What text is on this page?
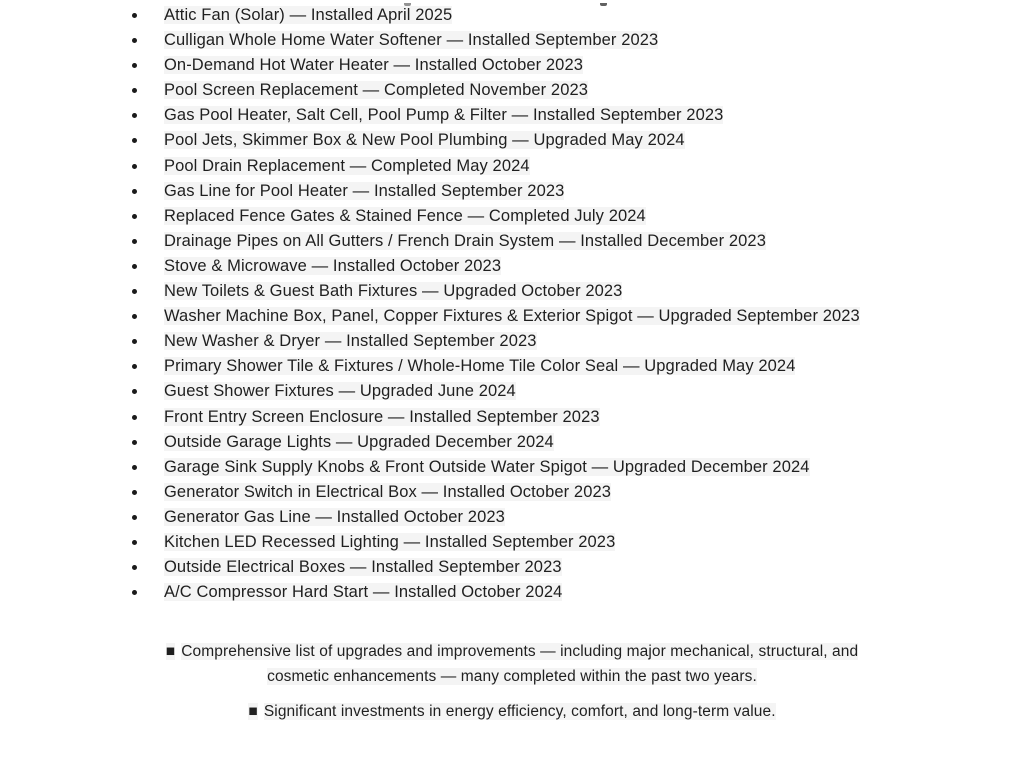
Attic Fan (Solar) — Installed April 2025
Culligan Whole Home Water Softener — Installed September 2023
On-Demand Hot Water Heater — Installed October 2023
Pool Screen Replacement — Completed November 2023
Gas Pool Heater, Salt Cell, Pool Pump & Filter — Installed September 2023
Pool Jets, Skimmer Box & New Pool Plumbing — Upgraded May 2024
Pool Drain Replacement — Completed May 2024
Gas Line for Pool Heater — Installed September 2023
Replaced Fence Gates & Stained Fence — Completed July 2024
Drainage Pipes on All Gutters / French Drain System — Installed December 2023
Stove & Microwave — Installed October 2023
New Toilets & Guest Bath Fixtures — Upgraded October 2023
Washer Machine Box, Panel, Copper Fixtures & Exterior Spigot — Upgraded September 2023
New Washer & Dryer — Installed September 2023
Primary Shower Tile & Fixtures / Whole-Home Tile Color Seal — Upgraded May 2024
Guest Shower Fixtures — Upgraded June 2024
Front Entry Screen Enclosure — Installed September 2023
Outside Garage Lights — Upgraded December 2024
Garage Sink Supply Knobs & Front Outside Water Spigot — Upgraded December 2024
Generator Switch in Electrical Box — Installed October 2023
Generator Gas Line — Installed October 2023
Kitchen LED Recessed Lighting — Installed September 2023
Outside Electrical Boxes — Installed September 2023
A/C Compressor Hard Start — Installed October 2024

■ Comprehensive list of upgrades and improvements — including major mechanical, structural, and cosmetic enhancements — many completed within the past two years.

■ Significant investments in energy efficiency, comfort, and long-term value.
